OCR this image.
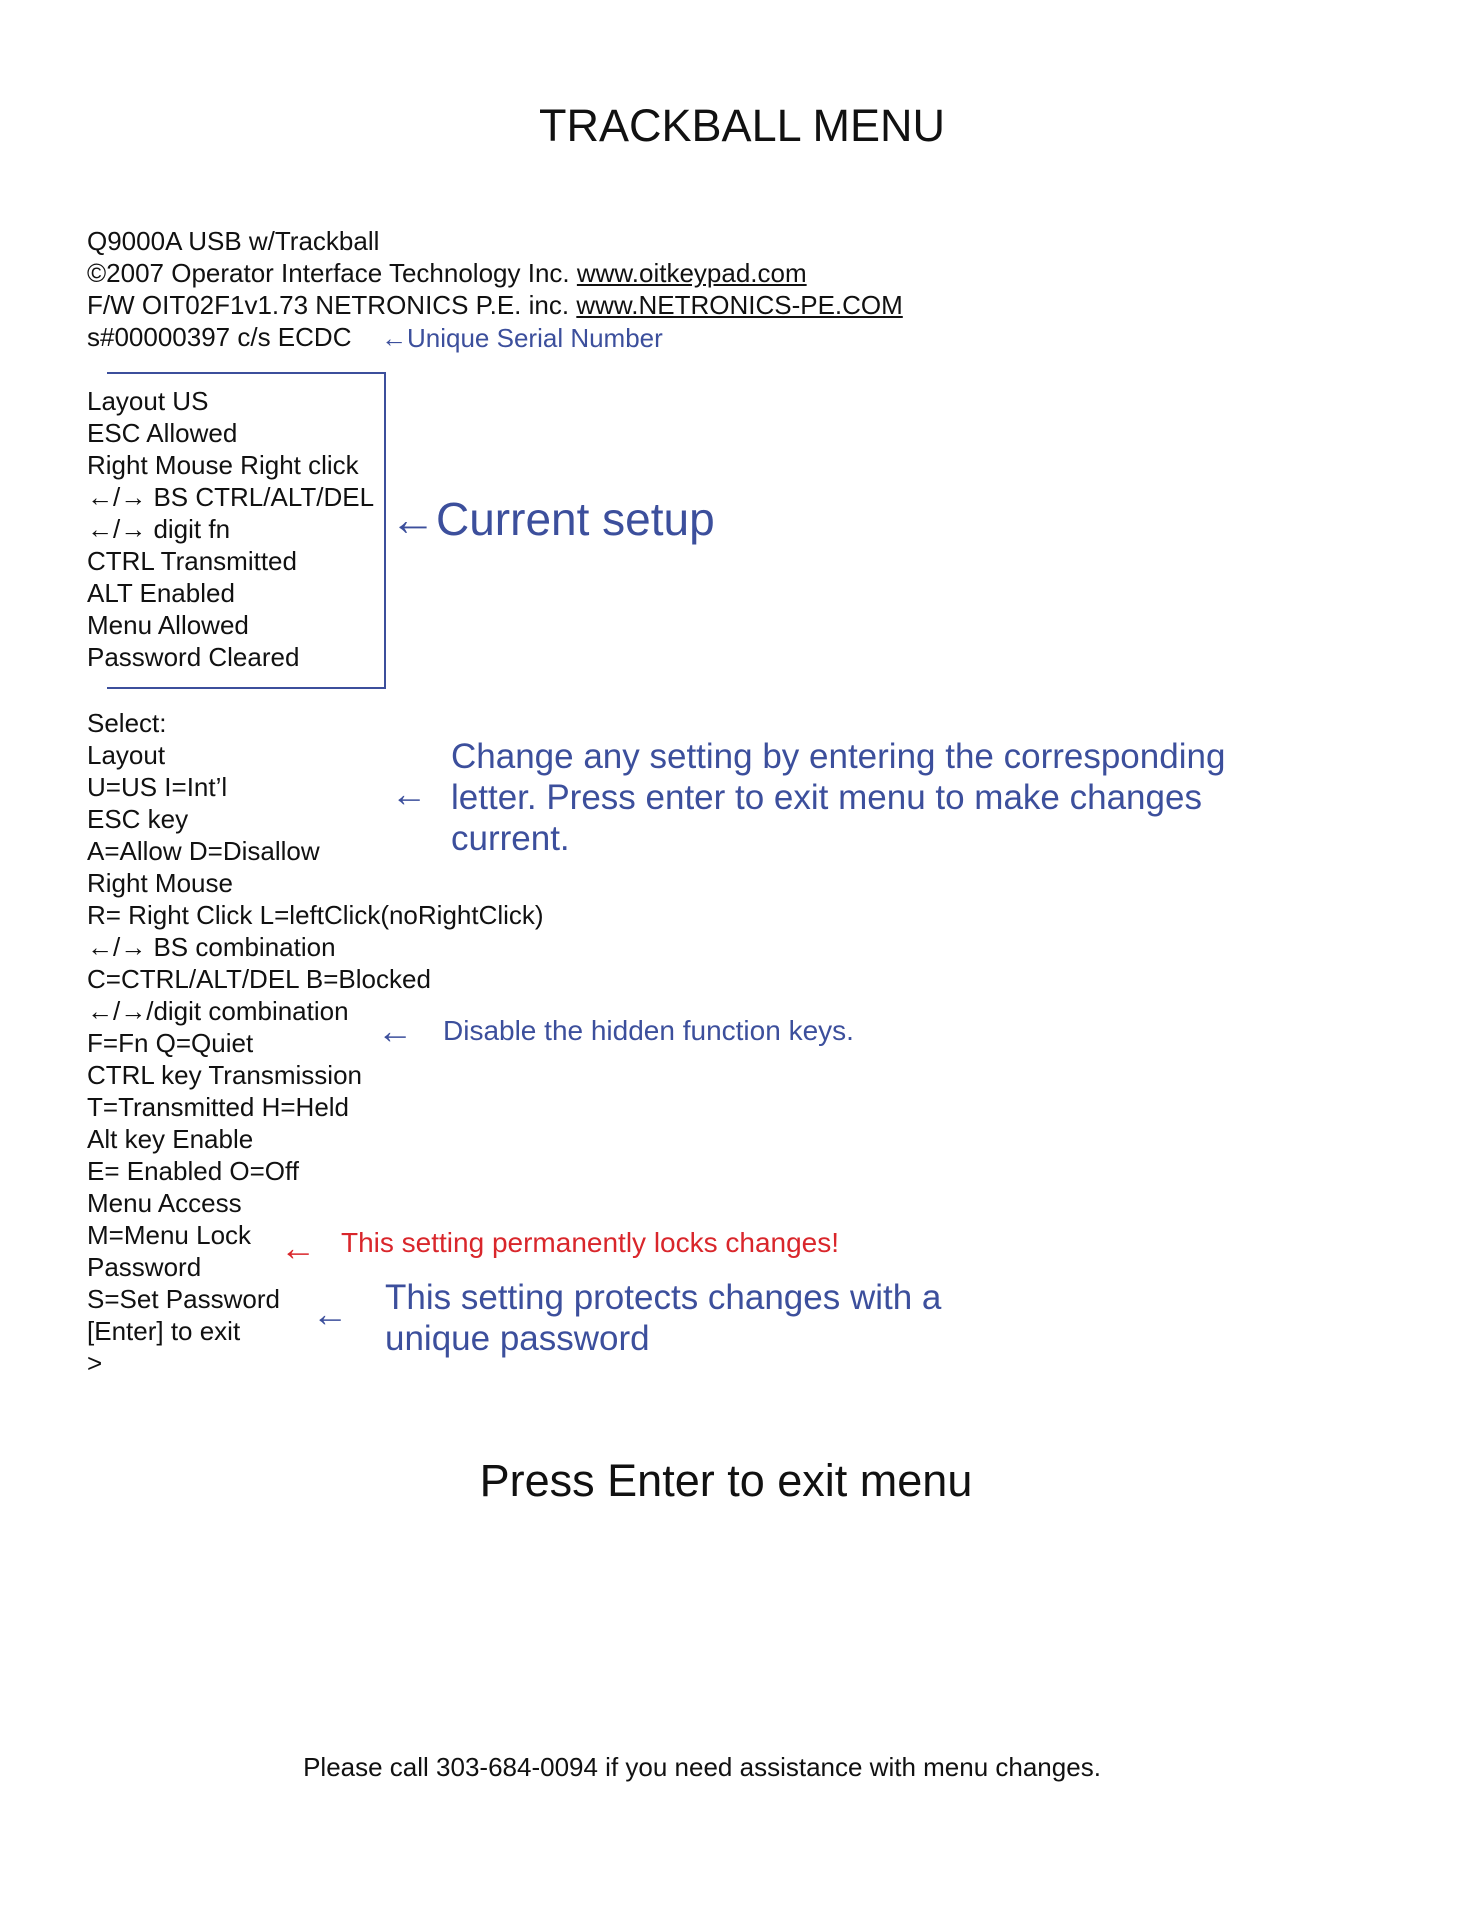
TRACKBALL MENU
Q9000A USB w/Trackball
©2007 Operator Interface Technology Inc. www.oitkeypad.com
F/W OIT02F1v1.73 NETRONICS P.E. inc. www.NETRONICS-PE.COM
s#00000397 c/s ECDC ←Unique Serial Number
Layout US
ESC Allowed
Right Mouse Right click
←/→ BS CTRL/ALT/DEL
←/→ digit fn
CTRL Transmitted
ALT Enabled
Menu Allowed
Password Cleared
←Current setup
Select:
Layout
U=US I=Int’l
ESC key
A=Allow D=Disallow
Right Mouse
R= Right Click L=leftClick(noRightClick)
←/→ BS combination
C=CTRL/ALT/DEL B=Blocked
←/→/digit combination
F=Fn Q=Quiet
CTRL key Transmission
T=Transmitted H=Held
Alt key Enable
E= Enabled O=Off
Menu Access
M=Menu Lock
Password
S=Set Password
[Enter] to exit
>
←
Change any setting by entering the corresponding
letter. Press enter to exit menu to make changes
current.
← Disable the hidden function keys.
← This setting permanently locks changes!
← This setting protects changes with a
unique password
Press Enter to exit menu
Please call 303-684-0094 if you need assistance with menu changes.
